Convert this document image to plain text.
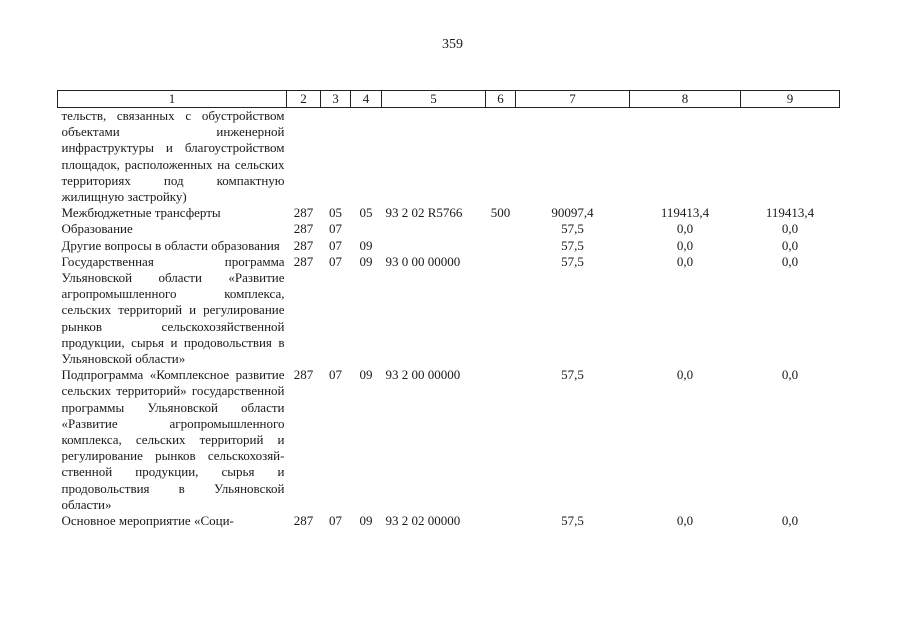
359
1	2	3	4	5	6	7	8	9
тельств, связанных с обустройством объектами инженерной инфраструктуры и благоустройством площадок, расположенных на сельских территориях под компактную жилищную застройку)								
Межбюджетные трансферты	287	05	05	93 2 02 R5766	500	90097,4	119413,4	119413,4
Образование	287	07				57,5	0,0	0,0
Другие вопросы в области образования	287	07	09			57,5	0,0	0,0
Государственная программа Ульяновской области «Развитие агропромышленного комплекса, сельских территорий и регулирование рынков сельскохозяйственной продукции, сырья и продовольствия в Ульяновской области»	287	07	09	93 0 00 00000		57,5	0,0	0,0
Подпрограмма «Комплексное развитие сельских территорий» государственной программы Ульяновской области «Развитие агропромышленного комплекса, сельских территорий и регулирование рынков сельскохозяйственной продукции, сырья и продовольствия в Ульяновской области»	287	07	09	93 2 00 00000		57,5	0,0	0,0
Основное мероприятие «Соци-	287	07	09	93 2 02 00000		57,5	0,0	0,0
